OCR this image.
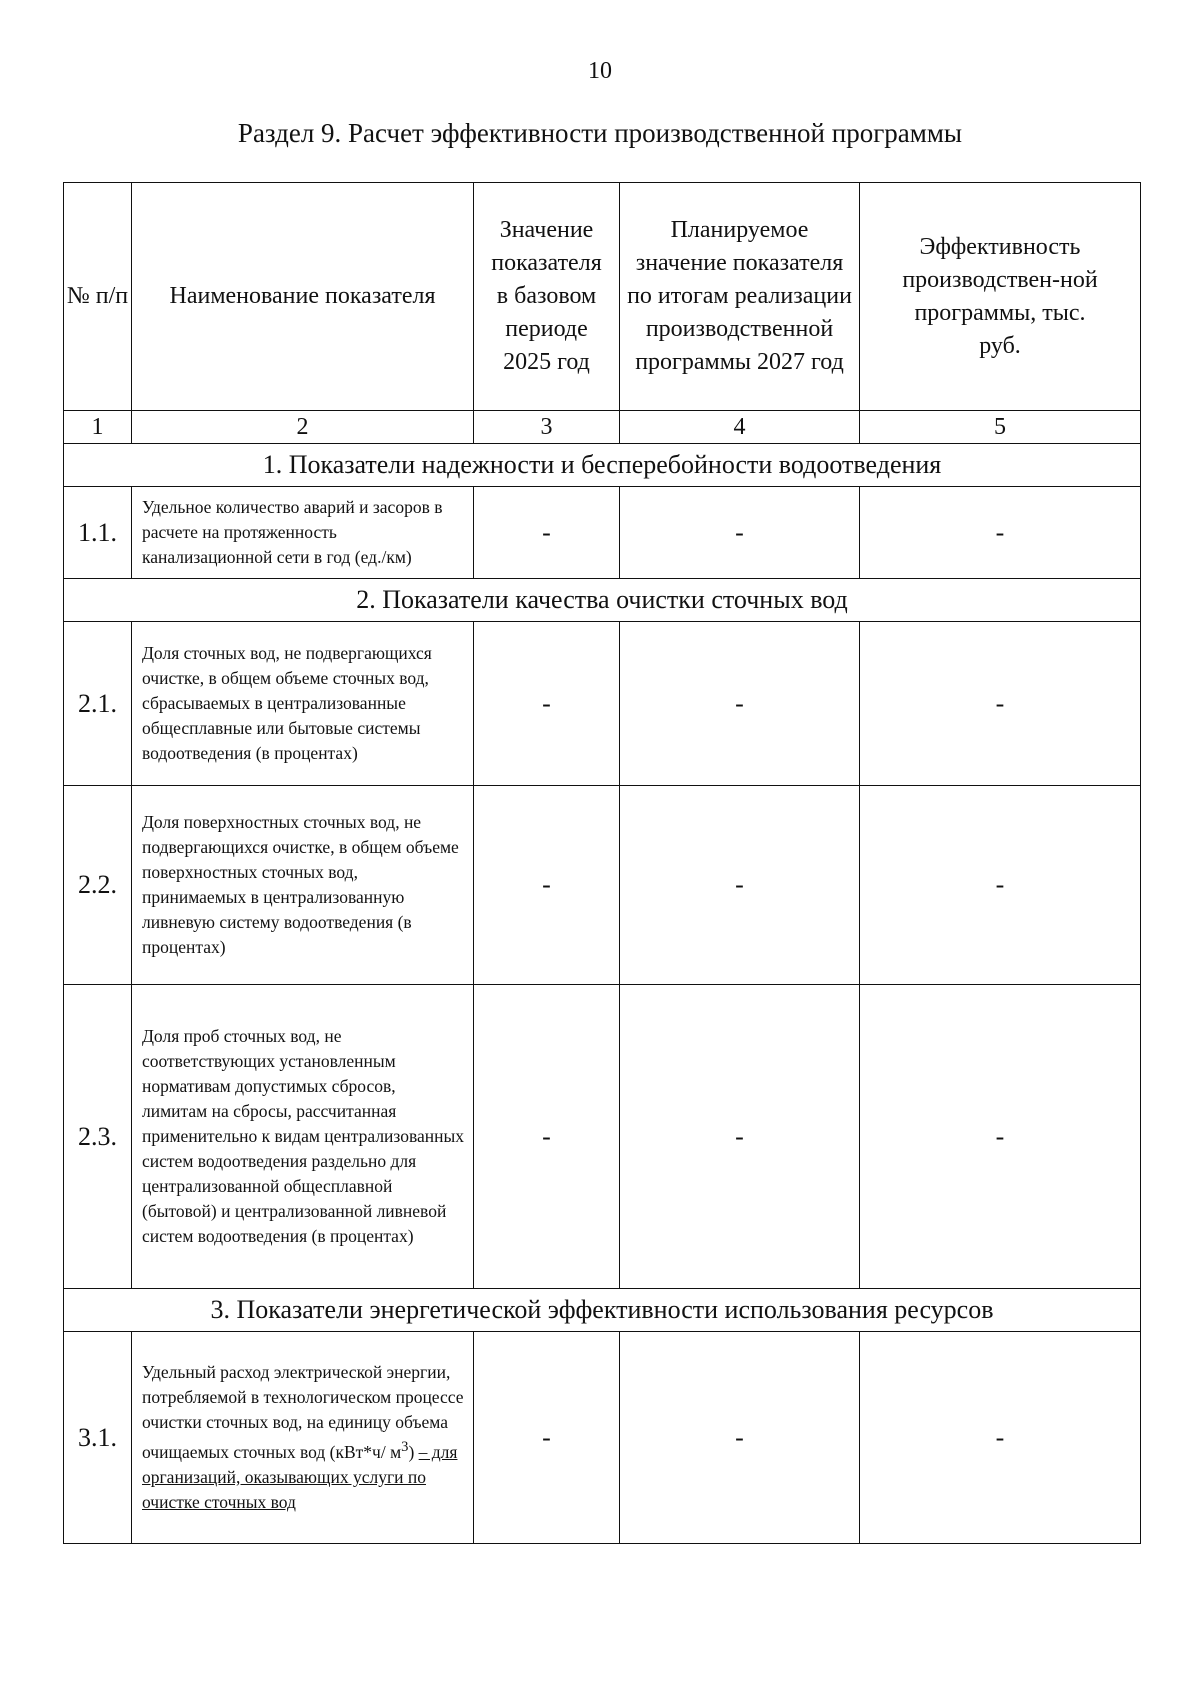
10
Раздел 9. Расчет эффективности производственной программы
№ п/п	Наименование показателя	Значение показателя в базовом периоде 2025 год	Планируемое значение показателя по итогам реализации производственной программы 2027 год	Эффективность производствен-ной программы, тыс. руб.
1	2	3	4	5
1. Показатели надежности и бесперебойности водоотведения				
1.1.	Удельное количество аварий и засоров в расчете на протяженность канализационной сети в год (ед./км)	-	-	-
2. Показатели качества очистки сточных вод				
2.1.	Доля сточных вод, не подвергающихся очистке, в общем объеме сточных вод, сбрасываемых в централизованные общесплавные или бытовые системы водоотведения (в процентах)	-	-	-
2.2.	Доля поверхностных сточных вод, не подвергающихся очистке, в общем объеме поверхностных сточных вод, принимаемых в централизованную ливневую систему водоотведения (в процентах)	-	-	-
2.3.	Доля проб сточных вод, не соответствующих установленным нормативам допустимых сбросов, лимитам на сбросы, рассчитанная применительно к видам централизованных систем водоотведения раздельно для централизованной общесплавной (бытовой) и централизованной ливневой систем водоотведения (в процентах)	-	-	-
3. Показатели энергетической эффективности использования ресурсов				
3.1.	Удельный расход электрической энергии, потребляемой в технологическом процессе очистки сточных вод, на единицу объема очищаемых сточных вод (кВт*ч/ $м^3$) – для организаций, оказывающих услуги по очистке сточных вод	-	-	-
